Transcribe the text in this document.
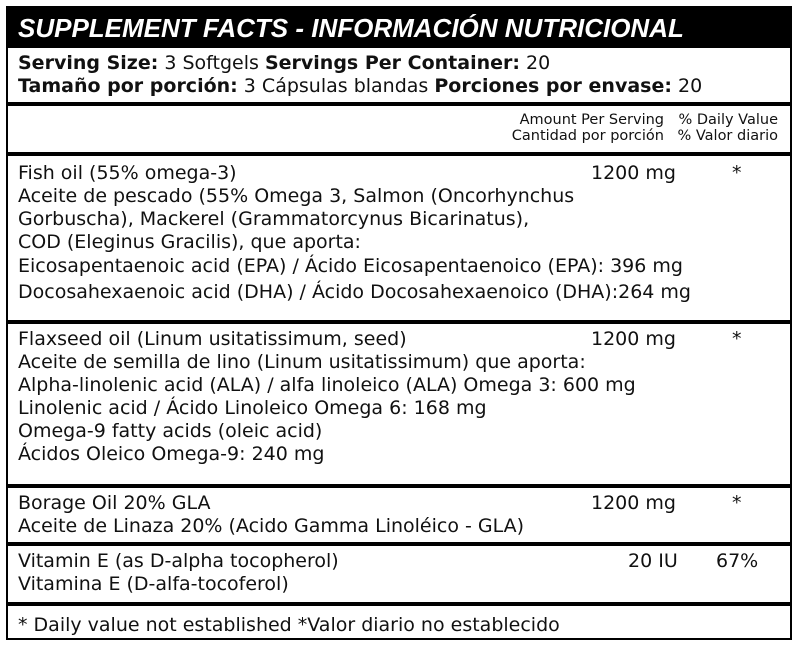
SUPPLEMENT FACTS - INFORMACIÓN NUTRICIONAL
Serving Size: 3 Softgels Servings Per Container: 20
Tamaño por porción: 3 Cápsulas blandas Porciones por envase: 20
Amount Per Serving
Cantidad por porción
% Daily Value
% Valor diario
Fish oil (55% omega-3)
Aceite de pescado (55% Omega 3, Salmon (Oncorhynchus
Gorbuscha), Mackerel (Grammatorcynus Bicarinatus),
COD (Eleginus Gracilis), que aporta:
Eicosapentaenoic acid (EPA) / Ácido Eicosapentaenoico (EPA): 396 mg
Docosahexaenoic acid (DHA) / Ácido Docosahexaenoico (DHA):264 mg
1200 mg	*
Flaxseed oil (Linum usitatissimum, seed)
Aceite de semilla de lino (Linum usitatissimum) que aporta:
Alpha-linolenic acid (ALA) / alfa linoleico (ALA) Omega 3: 600 mg
Linolenic acid / Ácido Linoleico Omega 6: 168 mg
Omega-9 fatty acids (oleic acid)
Ácidos Oleico Omega-9: 240 mg
1200 mg	*
Borage Oil 20% GLA
Aceite de Linaza 20% (Acido Gamma Linoléico - GLA)
1200 mg	*
Vitamin E (as D-alpha tocopherol)
Vitamina E (D-alfa-tocoferol)
20 IU 67%
* Daily value not established *Valor diario no establecido
